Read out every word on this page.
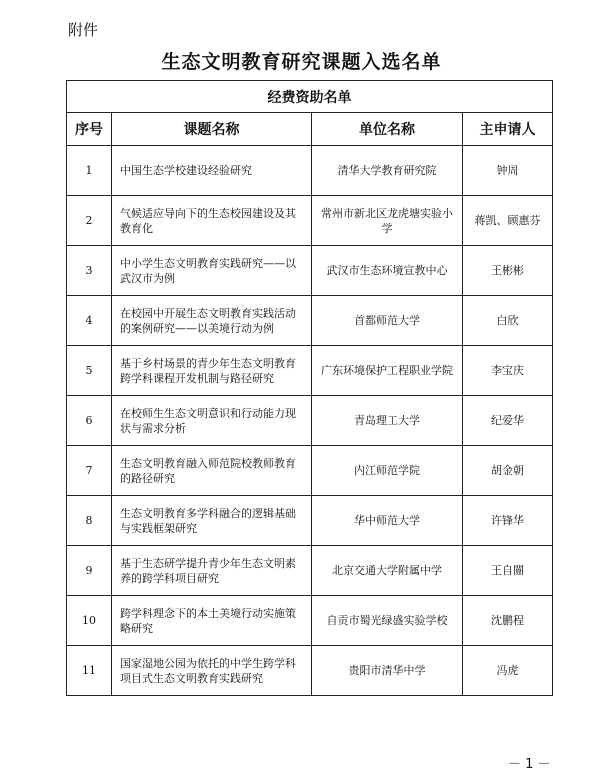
附件
生态文明教育研究课题入选名单
经费资助名单			
序号	课题名称	单位名称	主申请人
1	中国生态学校建设经验研究	清华大学教育研究院	钟周
2	气候适应导向下的生态校园建设及其教育化	常州市新北区龙虎塘实验小学	蒋凯、顾惠芬
3	中小学生态文明教育实践研究——以武汉市为例	武汉市生态环境宣教中心	王彬彬
4	在校园中开展生态文明教育实践活动的案例研究——以美境行动为例	首都师范大学	白欣
5	基于乡村场景的青少年生态文明教育跨学科课程开发机制与路径研究	广东环境保护工程职业学院	李宝庆
6	在校师生生态文明意识和行动能力现状与需求分析	青岛理工大学	纪爱华
7	生态文明教育融入师范院校教师教育的路径研究	内江师范学院	胡金朝
8	生态文明教育多学科融合的逻辑基础与实践框架研究	华中师范大学	许锋华
9	基于生态研学提升青少年生态文明素养的跨学科项目研究	北京交通大学附属中学	王自闓
10	跨学科理念下的本土美境行动实施策略研究	自贡市蜀光绿盛实验学校	沈鹏程
11	国家湿地公园为依托的中学生跨学科项目式生态文明教育实践研究	贵阳市清华中学	冯虎
－ 1 －
